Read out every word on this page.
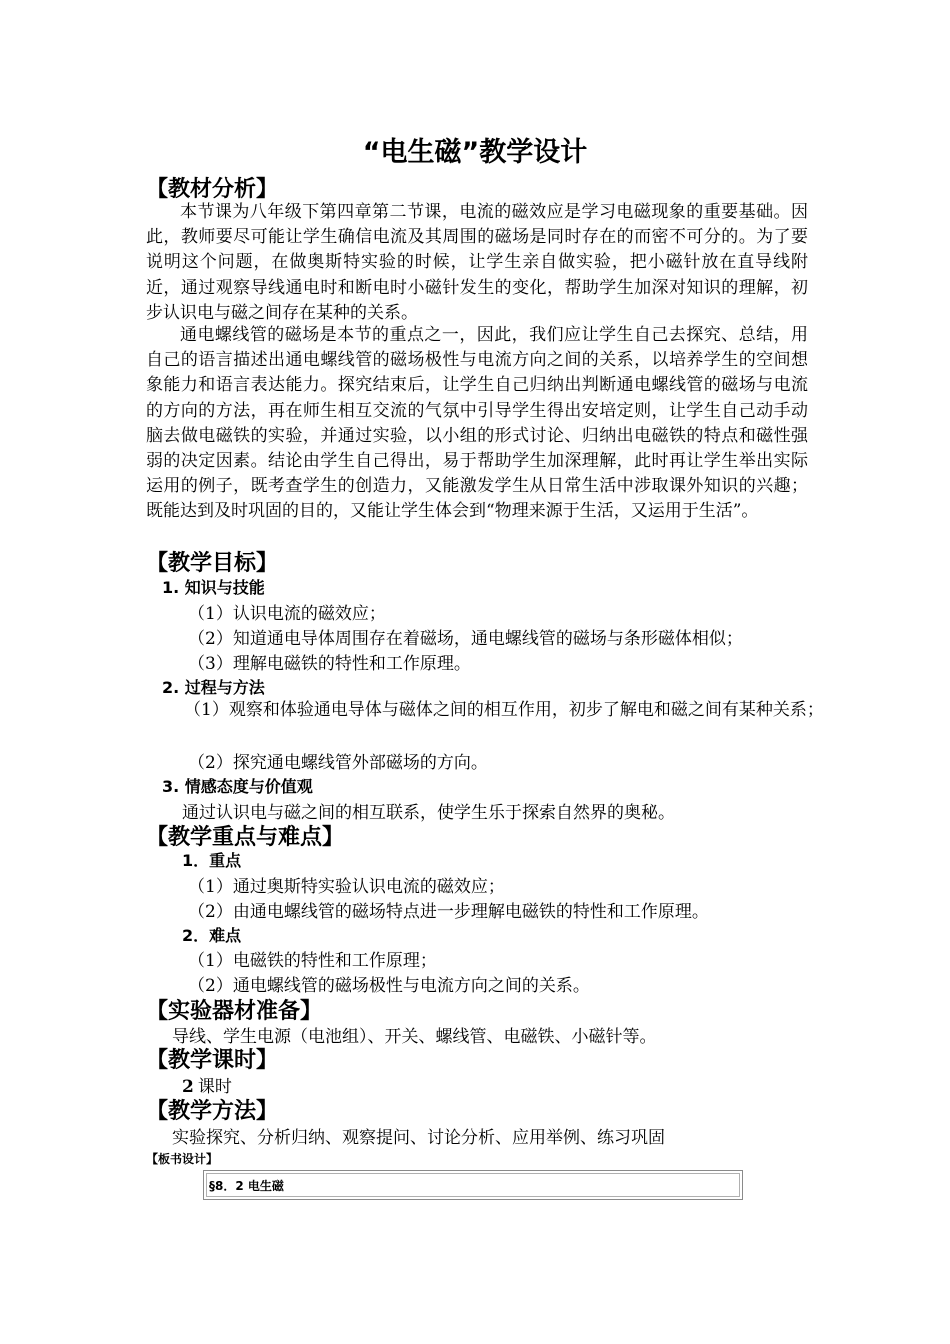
“电生磁”教学设计
【教材分析】
本节课为八年级下第四章第二节课，电流的磁效应是学习电磁现象的重要基础。因此，教师要尽可能让学生确信电流及其周围的磁场是同时存在的而密不可分的。为了要说明这个问题，在做奥斯特实验的时候，让学生亲自做实验，把小磁针放在直导线附近，通过观察导线通电时和断电时小磁针发生的变化，帮助学生加深对知识的理解，初步认识电与磁之间存在某种的关系。
通电螺线管的磁场是本节的重点之一，因此，我们应让学生自己去探究、总结，用自己的语言描述出通电螺线管的磁场极性与电流方向之间的关系，以培养学生的空间想象能力和语言表达能力。探究结束后，让学生自己归纳出判断通电螺线管的磁场与电流的方向的方法，再在师生相互交流的气氛中引导学生得出安培定则，让学生自己动手动脑去做电磁铁的实验，并通过实验，以小组的形式讨论、归纳出电磁铁的特点和磁性强弱的决定因素。结论由学生自己得出，易于帮助学生加深理解，此时再让学生举出实际运用的例子，既考查学生的创造力，又能激发学生从日常生活中涉取课外知识的兴趣；既能达到及时巩固的目的，又能让学生体会到“物理来源于生活，又运用于生活”。
【教学目标】
1. 知识与技能
（1）认识电流的磁效应；
（2）知道通电导体周围存在着磁场，通电螺线管的磁场与条形磁体相似；
（3）理解电磁铁的特性和工作原理。
2. 过程与方法
（1）观察和体验通电导体与磁体之间的相互作用，初步了解电和磁之间有某种关系；
（2）探究通电螺线管外部磁场的方向。
3. 情感态度与价值观
通过认识电与磁之间的相互联系，使学生乐于探索自然界的奥秘。
【教学重点与难点】
1．重点
（1）通过奥斯特实验认识电流的磁效应；
（2）由通电螺线管的磁场特点进一步理解电磁铁的特性和工作原理。
2．难点
（1）电磁铁的特性和工作原理；
（2）通电螺线管的磁场极性与电流方向之间的关系。
【实验器材准备】
导线、学生电源（电池组）、开关、螺线管、电磁铁、小磁针等。
【教学课时】
2 课时
【教学方法】
实验探究、分析归纳、观察提问、讨论分析、应用举例、练习巩固
【板书设计】
§8．2 电生磁
